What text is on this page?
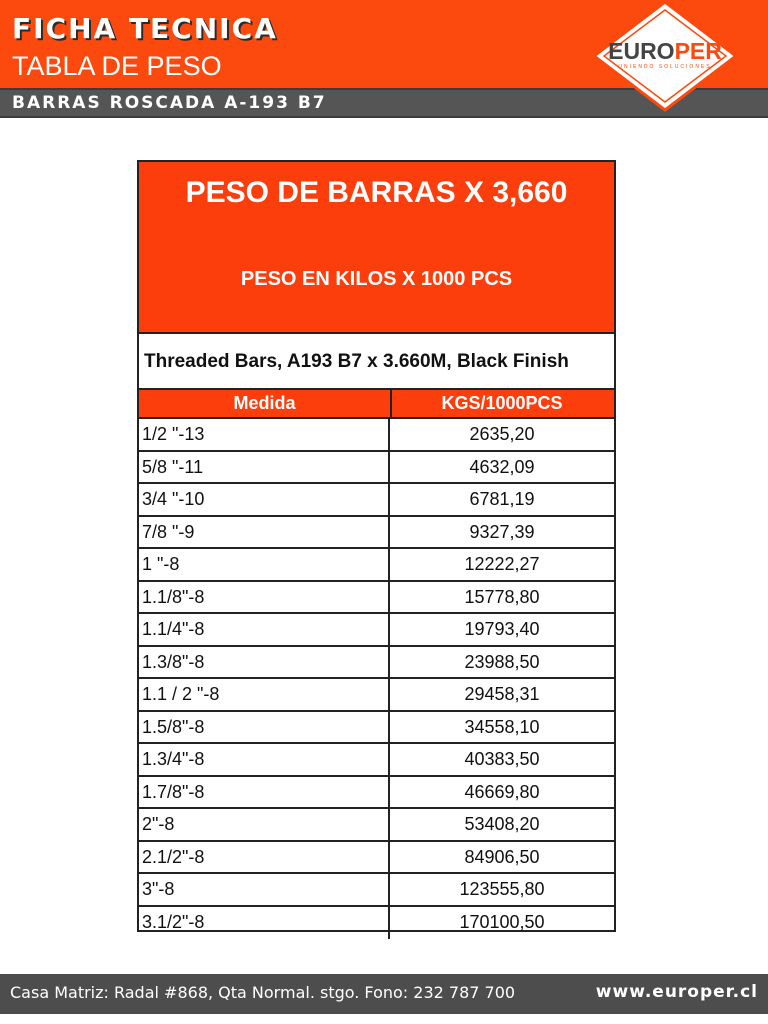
FICHA TECNICA
TABLA DE PESO
BARRAS ROSCADA A-193 B7
EUROPER
UNIENDO SOLUCIONES
PESO DE BARRAS X 3,660
PESO EN KILOS X 1000 PCS
Threaded Bars, A193 B7 x 3.660M, Black Finish
Medida	KGS/1000PCS
1/2 "-13	2635,20
5/8 "-11	4632,09
3/4 "-10	6781,19
7/8 "-9	9327,39
1 "-8	12222,27
1.1/8"-8	15778,80
1.1/4"-8	19793,40
1.3/8"-8	23988,50
1.1 / 2 "-8	29458,31
1.5/8"-8	34558,10
1.3/4"-8	40383,50
1.7/8"-8	46669,80
2"-8	53408,20
2.1/2"-8	84906,50
3"-8	123555,80
3.1/2"-8	170100,50
Casa Matriz: Radal #868, Qta Normal. stgo. Fono: 232 787 700	www.europer.cl
